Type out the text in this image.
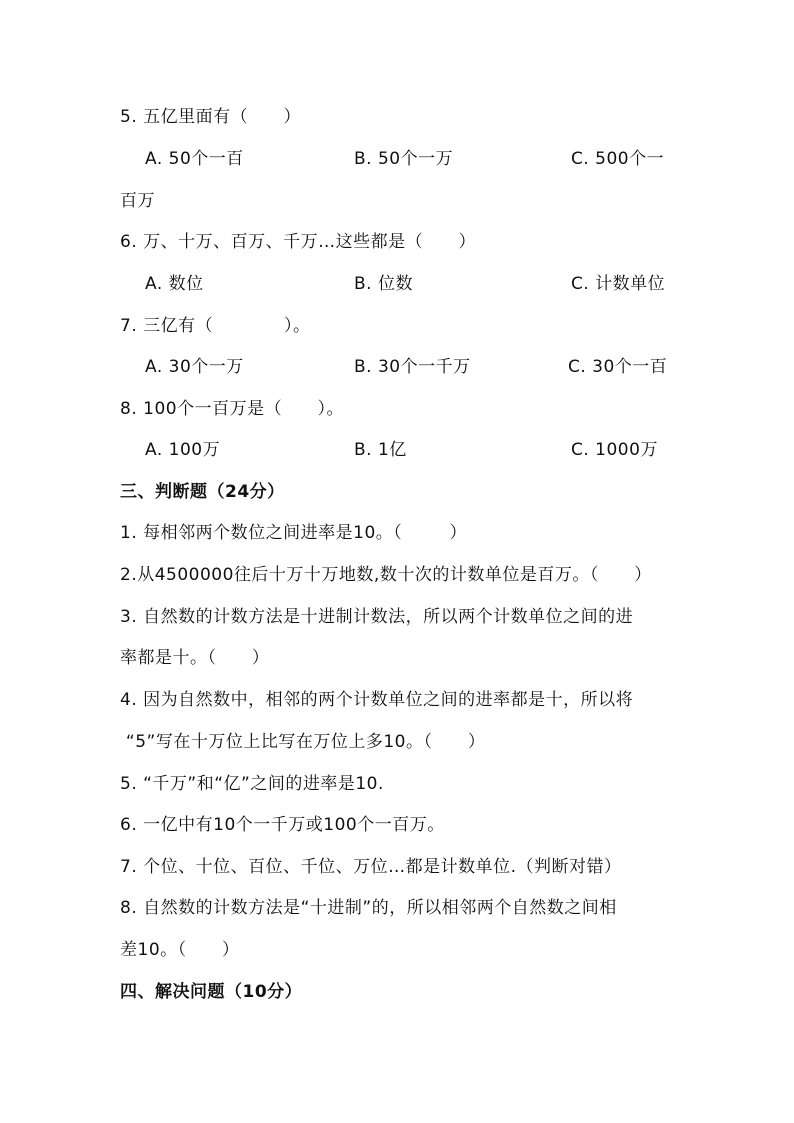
5. 五亿里面有（      ）
A. 50个一百	B. 50个一万	C. 500个一
百万
6. 万、十万、百万、千万…这些都是（      ）
A. 数位	B. 位数	C. 计数单位
7. 三亿有（            ）。
A. 30个一万	B. 30个一千万	C. 30个一百
8. 100个一百万是（      ）。
A. 100万	B. 1亿	C. 1000万
三、判断题（24分）
1. 每相邻两个数位之间进率是10。（        ）
2.从4500000往后十万十万地数,数十次的计数单位是百万。（      ）
3. 自然数的计数方法是十进制计数法，所以两个计数单位之间的进
率都是十。（      ）
4. 因为自然数中，相邻的两个计数单位之间的进率都是十，所以将
“5”写在十万位上比写在万位上多10。（      ）
5. “千万”和“亿”之间的进率是10.
6. 一亿中有10个一千万或100个一百万。
7. 个位、十位、百位、千位、万位…都是计数单位.（判断对错）
8. 自然数的计数方法是“十进制”的，所以相邻两个自然数之间相
差10。（      ）
四、解决问题（10分）
